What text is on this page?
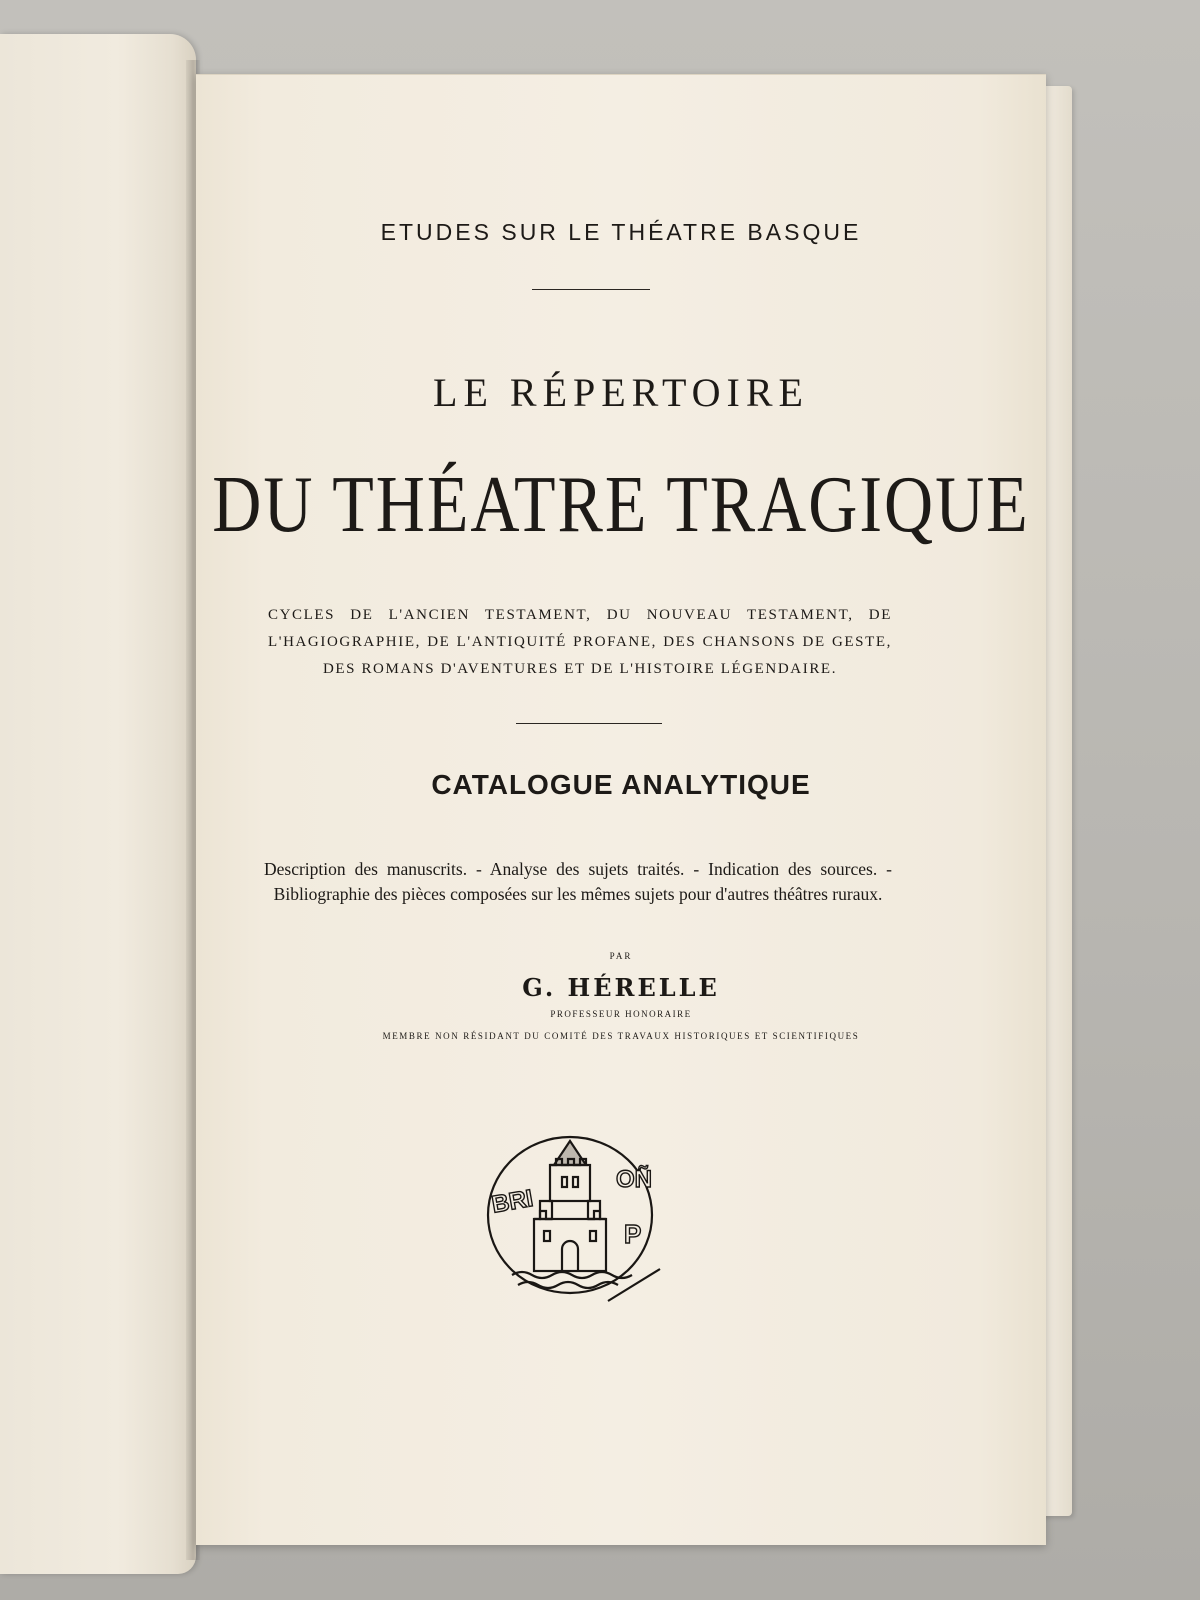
ETUDES SUR LE THÉATRE BASQUE

LE RÉPERTOIRE

DU THÉATRE TRAGIQUE

CYCLES DE L'ANCIEN TESTAMENT, DU NOUVEAU TESTAMENT, DE L'HAGIOGRAPHIE, DE L'ANTIQUITÉ PROFANE, DES CHANSONS DE GESTE, DES ROMANS D'AVENTURES ET DE L'HISTOIRE LÉGENDAIRE.

CATALOGUE ANALYTIQUE

Description des manuscrits. - Analyse des sujets traités. - Indication des sources. - Bibliographie des pièces composées sur les mêmes sujets pour d'autres théâtres ruraux.

PAR

G. HÉRELLE

PROFESSEUR HONORAIRE

MEMBRE NON RÉSIDANT DU COMITÉ DES TRAVAUX HISTORIQUES ET SCIENTIFIQUES

BRI
OÑ
P
